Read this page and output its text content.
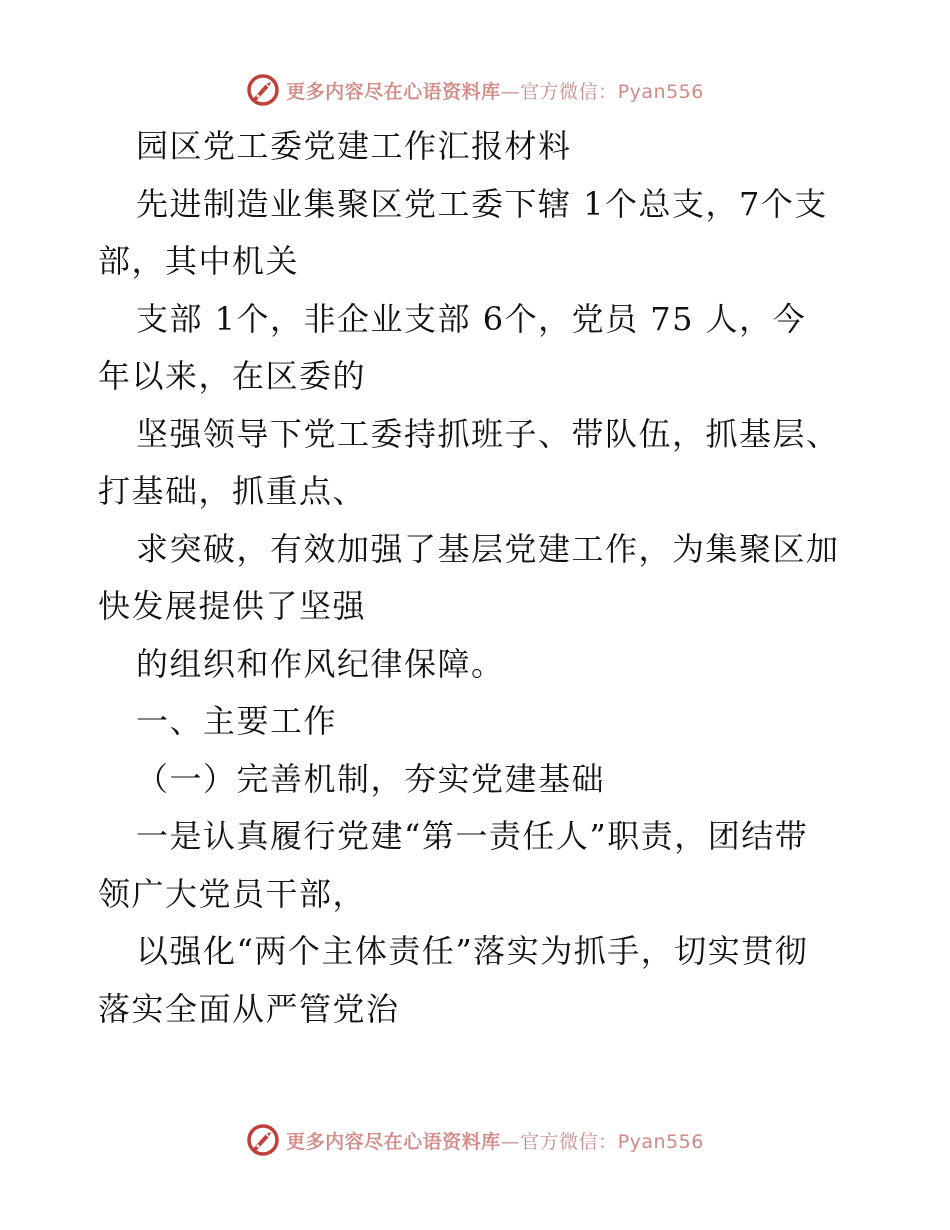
更多内容尽在心语资料库—官方微信：Pyan556
园区党工委党建工作汇报材料
先进制造业集聚区党工委下辖 1个总支，7个支
部，其中机关
支部 1个，非企业支部 6个，党员 75 人，今
年以来，在区委的
坚强领导下党工委持抓班子、带队伍，抓基层、
打基础，抓重点、
求突破，有效加强了基层党建工作，为集聚区加
快发展提供了坚强
的组织和作风纪律保障。
一、主要工作
（一）完善机制，夯实党建基础
一是认真履行党建“第一责任人”职责，团结带
领广大党员干部，
以强化“两个主体责任”落实为抓手，切实贯彻
落实全面从严管党治
更多内容尽在心语资料库—官方微信：Pyan556
